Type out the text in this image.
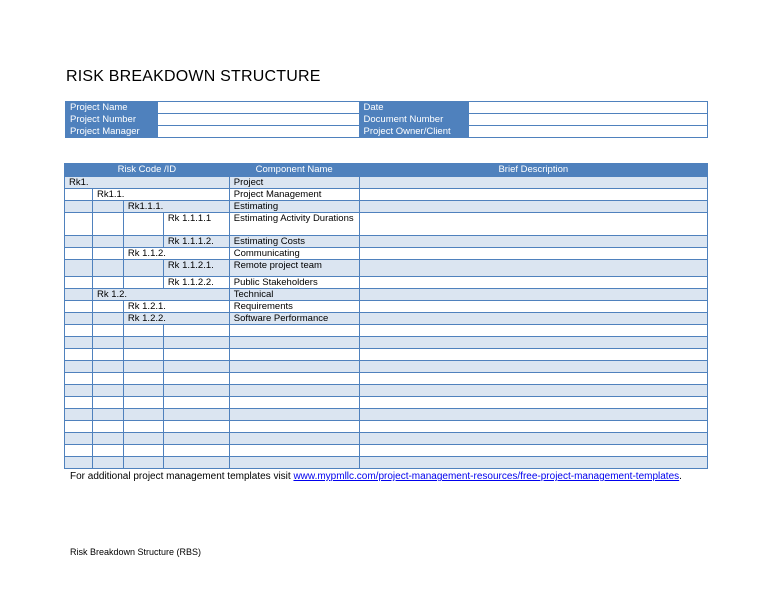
RISK BREAKDOWN STRUCTURE
Project Name		Date	
Project Number		Document Number	
Project Manager		Project Owner/Client	
Risk Code /ID				Component Name	Brief Description
Rk1.				Project	
	Rk1.1.			Project Management	
		Rk1.1.1.		Estimating	
			Rk 1.1.1.1	Estimating Activity Durations	
			Rk 1.1.1.2.	Estimating Costs	
		Rk 1.1.2.		Communicating	
			Rk 1.1.2.1.	Remote project team	
			Rk 1.1.2.2.	Public Stakeholders	
	Rk 1.2.			Technical	
		Rk 1.2.1.		Requirements	
		Rk 1.2.2.		Software Performance	

For additional project management templates visit www.mypmllc.com/project-management-resources/free-project-management-templates.
Risk Breakdown Structure (RBS)
